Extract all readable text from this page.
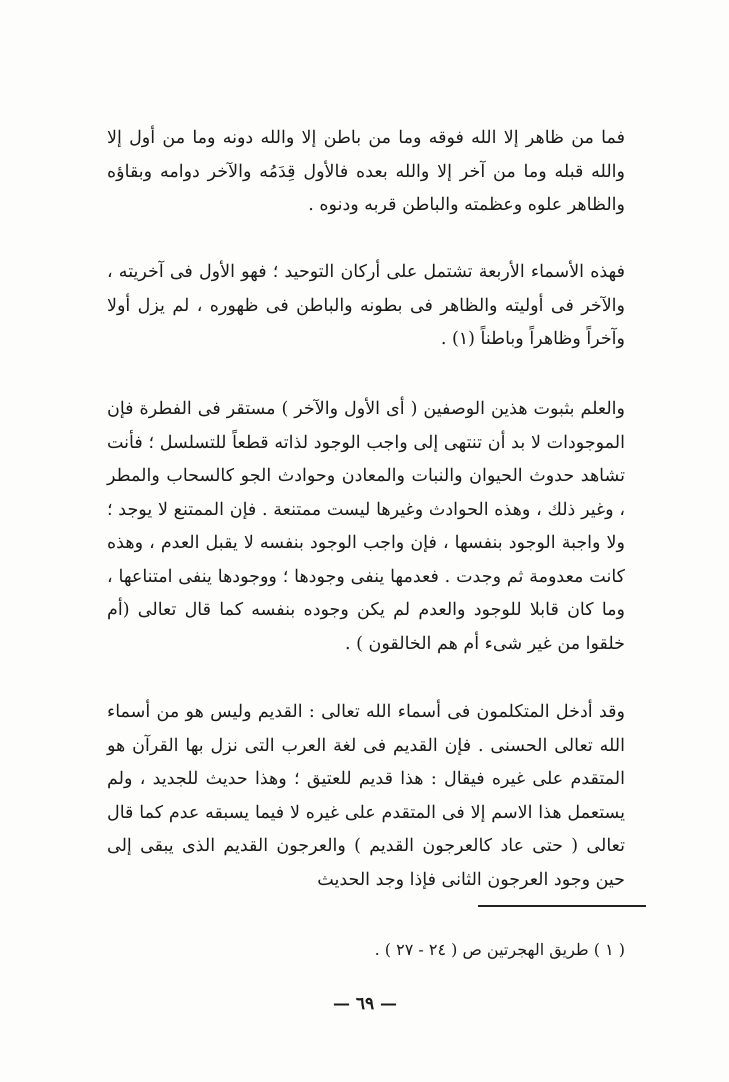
فما من ظاهر إلا الله فوقه وما من باطن إلا والله دونه وما من أول إلا والله قبله وما من آخر إلا والله بعده فالأول قِدَمُه والآخر دوامه وبقاؤه والظاهر علوه وعظمته والباطن قربه ودنوه .

فهذه الأسماء الأربعة تشتمل على أركان التوحيد ؛ فهو الأول فى آخريته ، والآخر فى أوليته والظاهر فى بطونه والباطن فى ظهوره ، لم يزل أولا وآخراً وظاهراً وباطناً (١) .

والعلم بثبوت هذين الوصفين ( أى الأول والآخر ) مستقر فى الفطرة فإن الموجودات لا بد أن تنتهى إلى واجب الوجود لذاته قطعاً للتسلسل ؛ فأنت تشاهد حدوث الحيوان والنبات والمعادن وحوادث الجو كالسحاب والمطر ، وغير ذلك ، وهذه الحوادث وغيرها ليست ممتنعة . فإن الممتنع لا يوجد ؛ ولا واجبة الوجود بنفسها ، فإن واجب الوجود بنفسه لا يقبل العدم ، وهذه كانت معدومة ثم وجدت . فعدمها ينفى وجودها ؛ ووجودها ينفى امتناعها ، وما كان قابلا للوجود والعدم لم يكن وجوده بنفسه كما قال تعالى (أم خلقوا من غير شىء أم هم الخالقون ) .

وقد أدخل المتكلمون فى أسماء الله تعالى : القديم وليس هو من أسماء الله تعالى الحسنى . فإن القديم فى لغة العرب التى نزل بها القرآن هو المتقدم على غيره فيقال : هذا قديم للعتيق ؛ وهذا حديث للجديد ، ولم يستعمل هذا الاسم إلا فى المتقدم على غيره لا فيما يسبقه عدم كما قال تعالى ( حتى عاد كالعرجون القديم ) والعرجون القديم الذى يبقى إلى حين وجود العرجون الثانى فإذا وجد الحديث

( ١ ) طريق الهجرتين ص ( ٢٤ - ٢٧ ) .

— ٦٩ —
